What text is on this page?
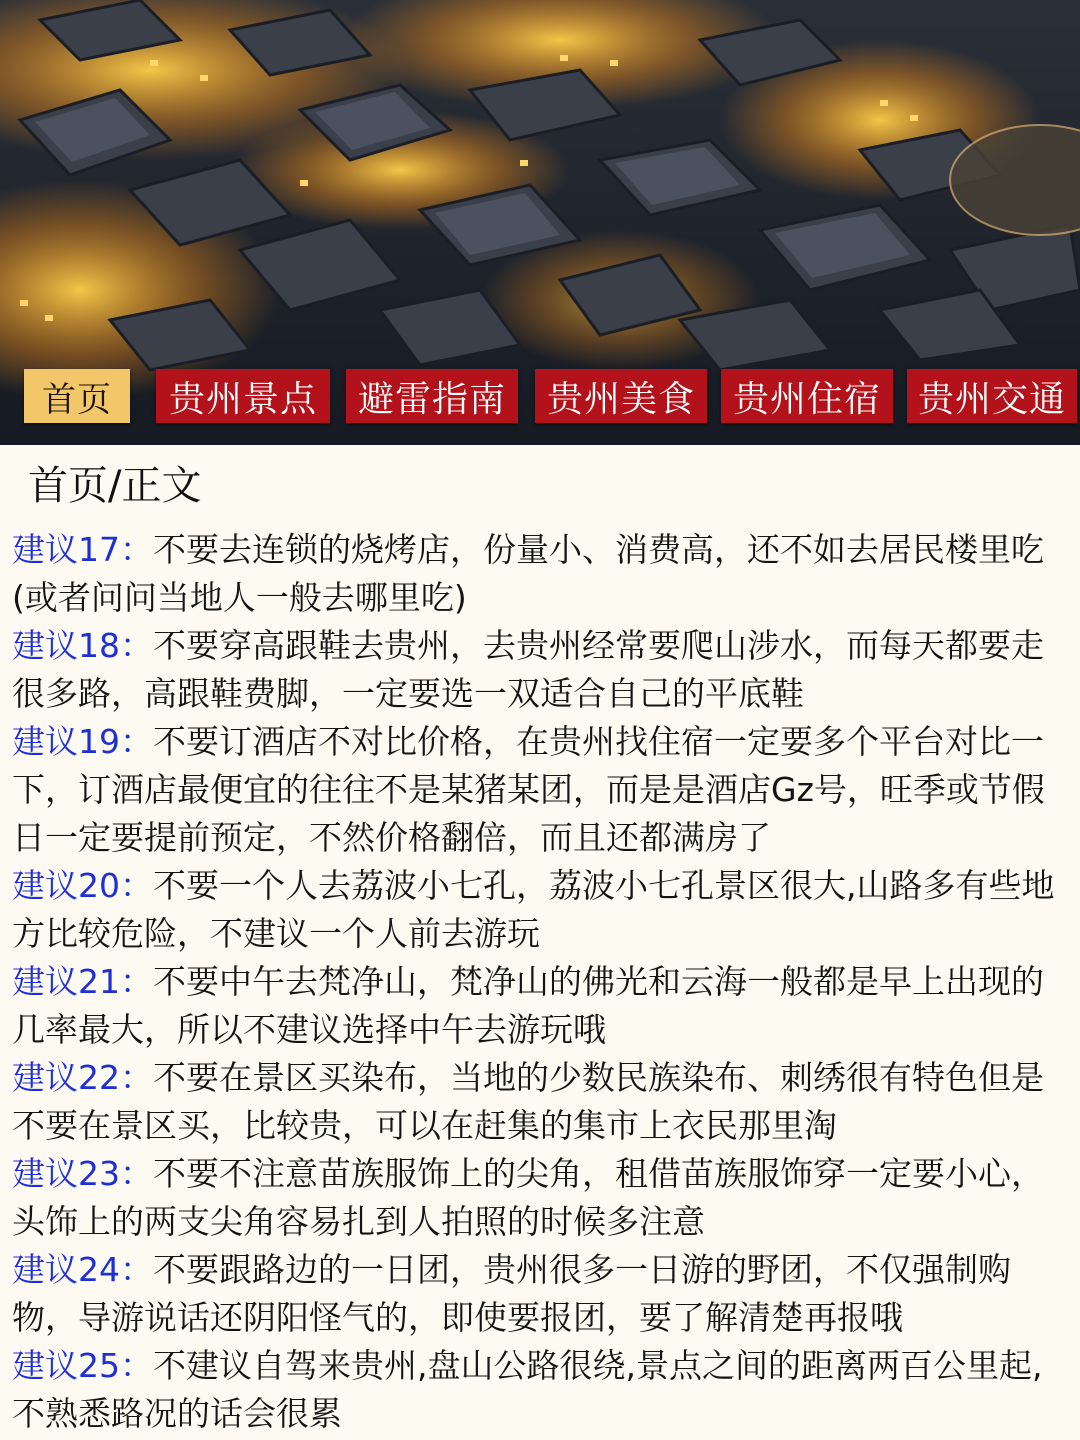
首页	贵州景点	避雷指南	贵州美食	贵州住宿	贵州交通
首页/正文

建议17：不要去连锁的烧烤店，份量小、消费高，还不如去居民楼里吃(或者问问当地人一般去哪里吃)

建议18：不要穿高跟鞋去贵州，去贵州经常要爬山涉水，而每天都要走很多路，高跟鞋费脚，一定要选一双适合自己的平底鞋

建议19：不要订酒店不对比价格，在贵州找住宿一定要多个平台对比一下，订酒店最便宜的往往不是某猪某团，而是是酒店Gz号，旺季或节假日一定要提前预定，不然价格翻倍，而且还都满房了

建议20：不要一个人去荔波小七孔，荔波小七孔景区很大,山路多有些地方比较危险，不建议一个人前去游玩

建议21：不要中午去梵净山，梵净山的佛光和云海一般都是早上出现的几率最大，所以不建议选择中午去游玩哦

建议22：不要在景区买染布，当地的少数民族染布、刺绣很有特色但是不要在景区买，比较贵，可以在赶集的集市上衣民那里淘

建议23：不要不注意苗族服饰上的尖角，租借苗族服饰穿一定要小心，头饰上的两支尖角容易扎到人拍照的时候多注意

建议24：不要跟路边的一日团，贵州很多一日游的野团，不仅强制购物，导游说话还阴阳怪气的，即使要报团，要了解清楚再报哦

建议25：不建议自驾来贵州,盘山公路很绕,景点之间的距离两百公里起,不熟悉路况的话会很累
